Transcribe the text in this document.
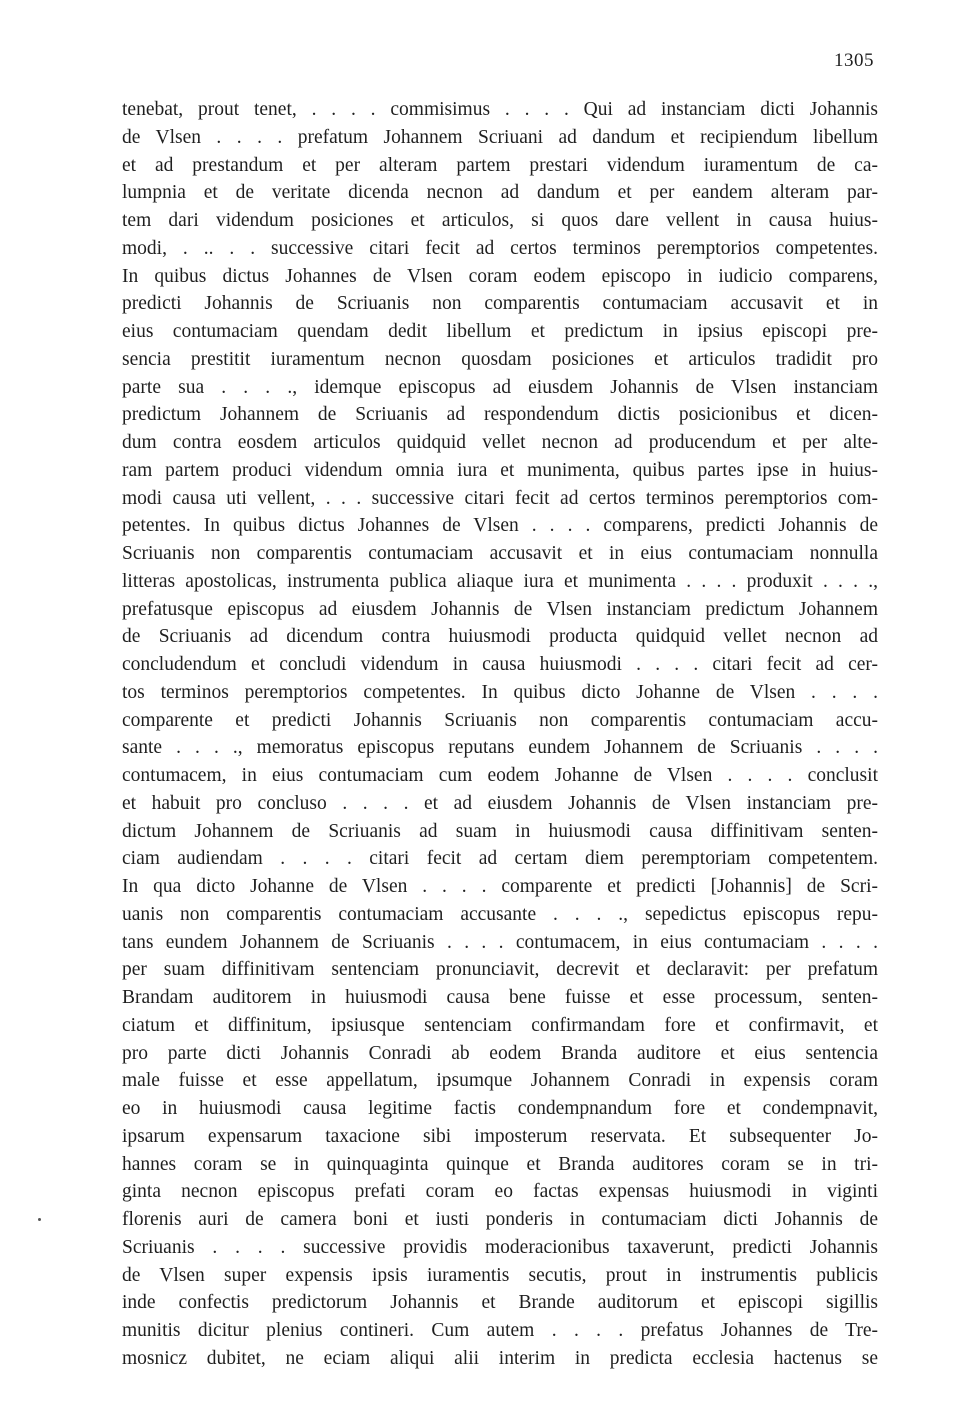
1305
tenebat, prout tenet, . . . . commisimus . . . . Qui ad instanciam dicti Johannis
de Vlsen . . . . prefatum Johannem Scriuani ad dandum et recipiendum libellum
et ad prestandum et per alteram partem prestari videndum iuramentum de ca-
lumpnia et de veritate dicenda necnon ad dandum et per eandem alteram par-
tem dari videndum posiciones et articulos, si quos dare vellent in causa huius-
modi, . .. . . successive citari fecit ad certos terminos peremptorios competentes.
In quibus dictus Johannes de Vlsen coram eodem episcopo in iudicio comparens,
predicti Johannis de Scriuanis non comparentis contumaciam accusavit et in
eius contumaciam quendam dedit libellum et predictum in ipsius episcopi pre-
sencia prestitit iuramentum necnon quosdam posiciones et articulos tradidit pro
parte sua . . . ., idemque episcopus ad eiusdem Johannis de Vlsen instanciam
predictum Johannem de Scriuanis ad respondendum dictis posicionibus et dicen-
dum contra eosdem articulos quidquid vellet necnon ad producendum et per alte-
ram partem produci videndum omnia iura et munimenta, quibus partes ipse in huius-
modi causa uti vellent, . . . successive citari fecit ad certos terminos peremptorios com-
petentes. In quibus dictus Johannes de Vlsen . . . . comparens, predicti Johannis de
Scriuanis non comparentis contumaciam accusavit et in eius contumaciam nonnulla
litteras apostolicas, instrumenta publica aliaque iura et munimenta . . . . produxit . . . .,
prefatusque episcopus ad eiusdem Johannis de Vlsen instanciam predictum Johannem
de Scriuanis ad dicendum contra huiusmodi producta quidquid vellet necnon ad
concludendum et concludi videndum in causa huiusmodi . . . . citari fecit ad cer-
tos terminos peremptorios competentes. In quibus dicto Johanne de Vlsen . . . .
comparente et predicti Johannis Scriuanis non comparentis contumaciam accu-
sante . . . ., memoratus episcopus reputans eundem Johannem de Scriuanis . . . .
contumacem, in eius contumaciam cum eodem Johanne de Vlsen . . . . conclusit
et habuit pro concluso . . . . et ad eiusdem Johannis de Vlsen instanciam pre-
dictum Johannem de Scriuanis ad suam in huiusmodi causa diffinitivam senten-
ciam audiendam . . . . citari fecit ad certam diem peremptoriam competentem.
In qua dicto Johanne de Vlsen . . . . comparente et predicti [Johannis] de Scri-
uanis non comparentis contumaciam accusante . . . ., sepedictus episcopus repu-
tans eundem Johannem de Scriuanis . . . . contumacem, in eius contumaciam . . . .
per suam diffinitivam sentenciam pronunciavit, decrevit et declaravit: per prefatum
Brandam auditorem in huiusmodi causa bene fuisse et esse processum, senten-
ciatum et diffinitum, ipsiusque sentenciam confirmandam fore et confirmavit, et
pro parte dicti Johannis Conradi ab eodem Branda auditore et eius sentencia
male fuisse et esse appellatum, ipsumque Johannem Conradi in expensis coram
eo in huiusmodi causa legitime factis condempnandum fore et condempnavit,
ipsarum expensarum taxacione sibi imposterum reservata. Et subsequenter Jo-
hannes coram se in quinquaginta quinque et Branda auditores coram se in tri-
ginta necnon episcopus prefati coram eo factas expensas huiusmodi in viginti
florenis auri de camera boni et iusti ponderis in contumaciam dicti Johannis de
Scriuanis . . . . successive providis moderacionibus taxaverunt, predicti Johannis
de Vlsen super expensis ipsis iuramentis secutis, prout in instrumentis publicis
inde confectis predictorum Johannis et Brande auditorum et episcopi sigillis
munitis dicitur plenius contineri. Cum autem . . . . prefatus Johannes de Tre-
mosnicz dubitet, ne eciam aliqui alii interim in predicta ecclesia hactenus se
